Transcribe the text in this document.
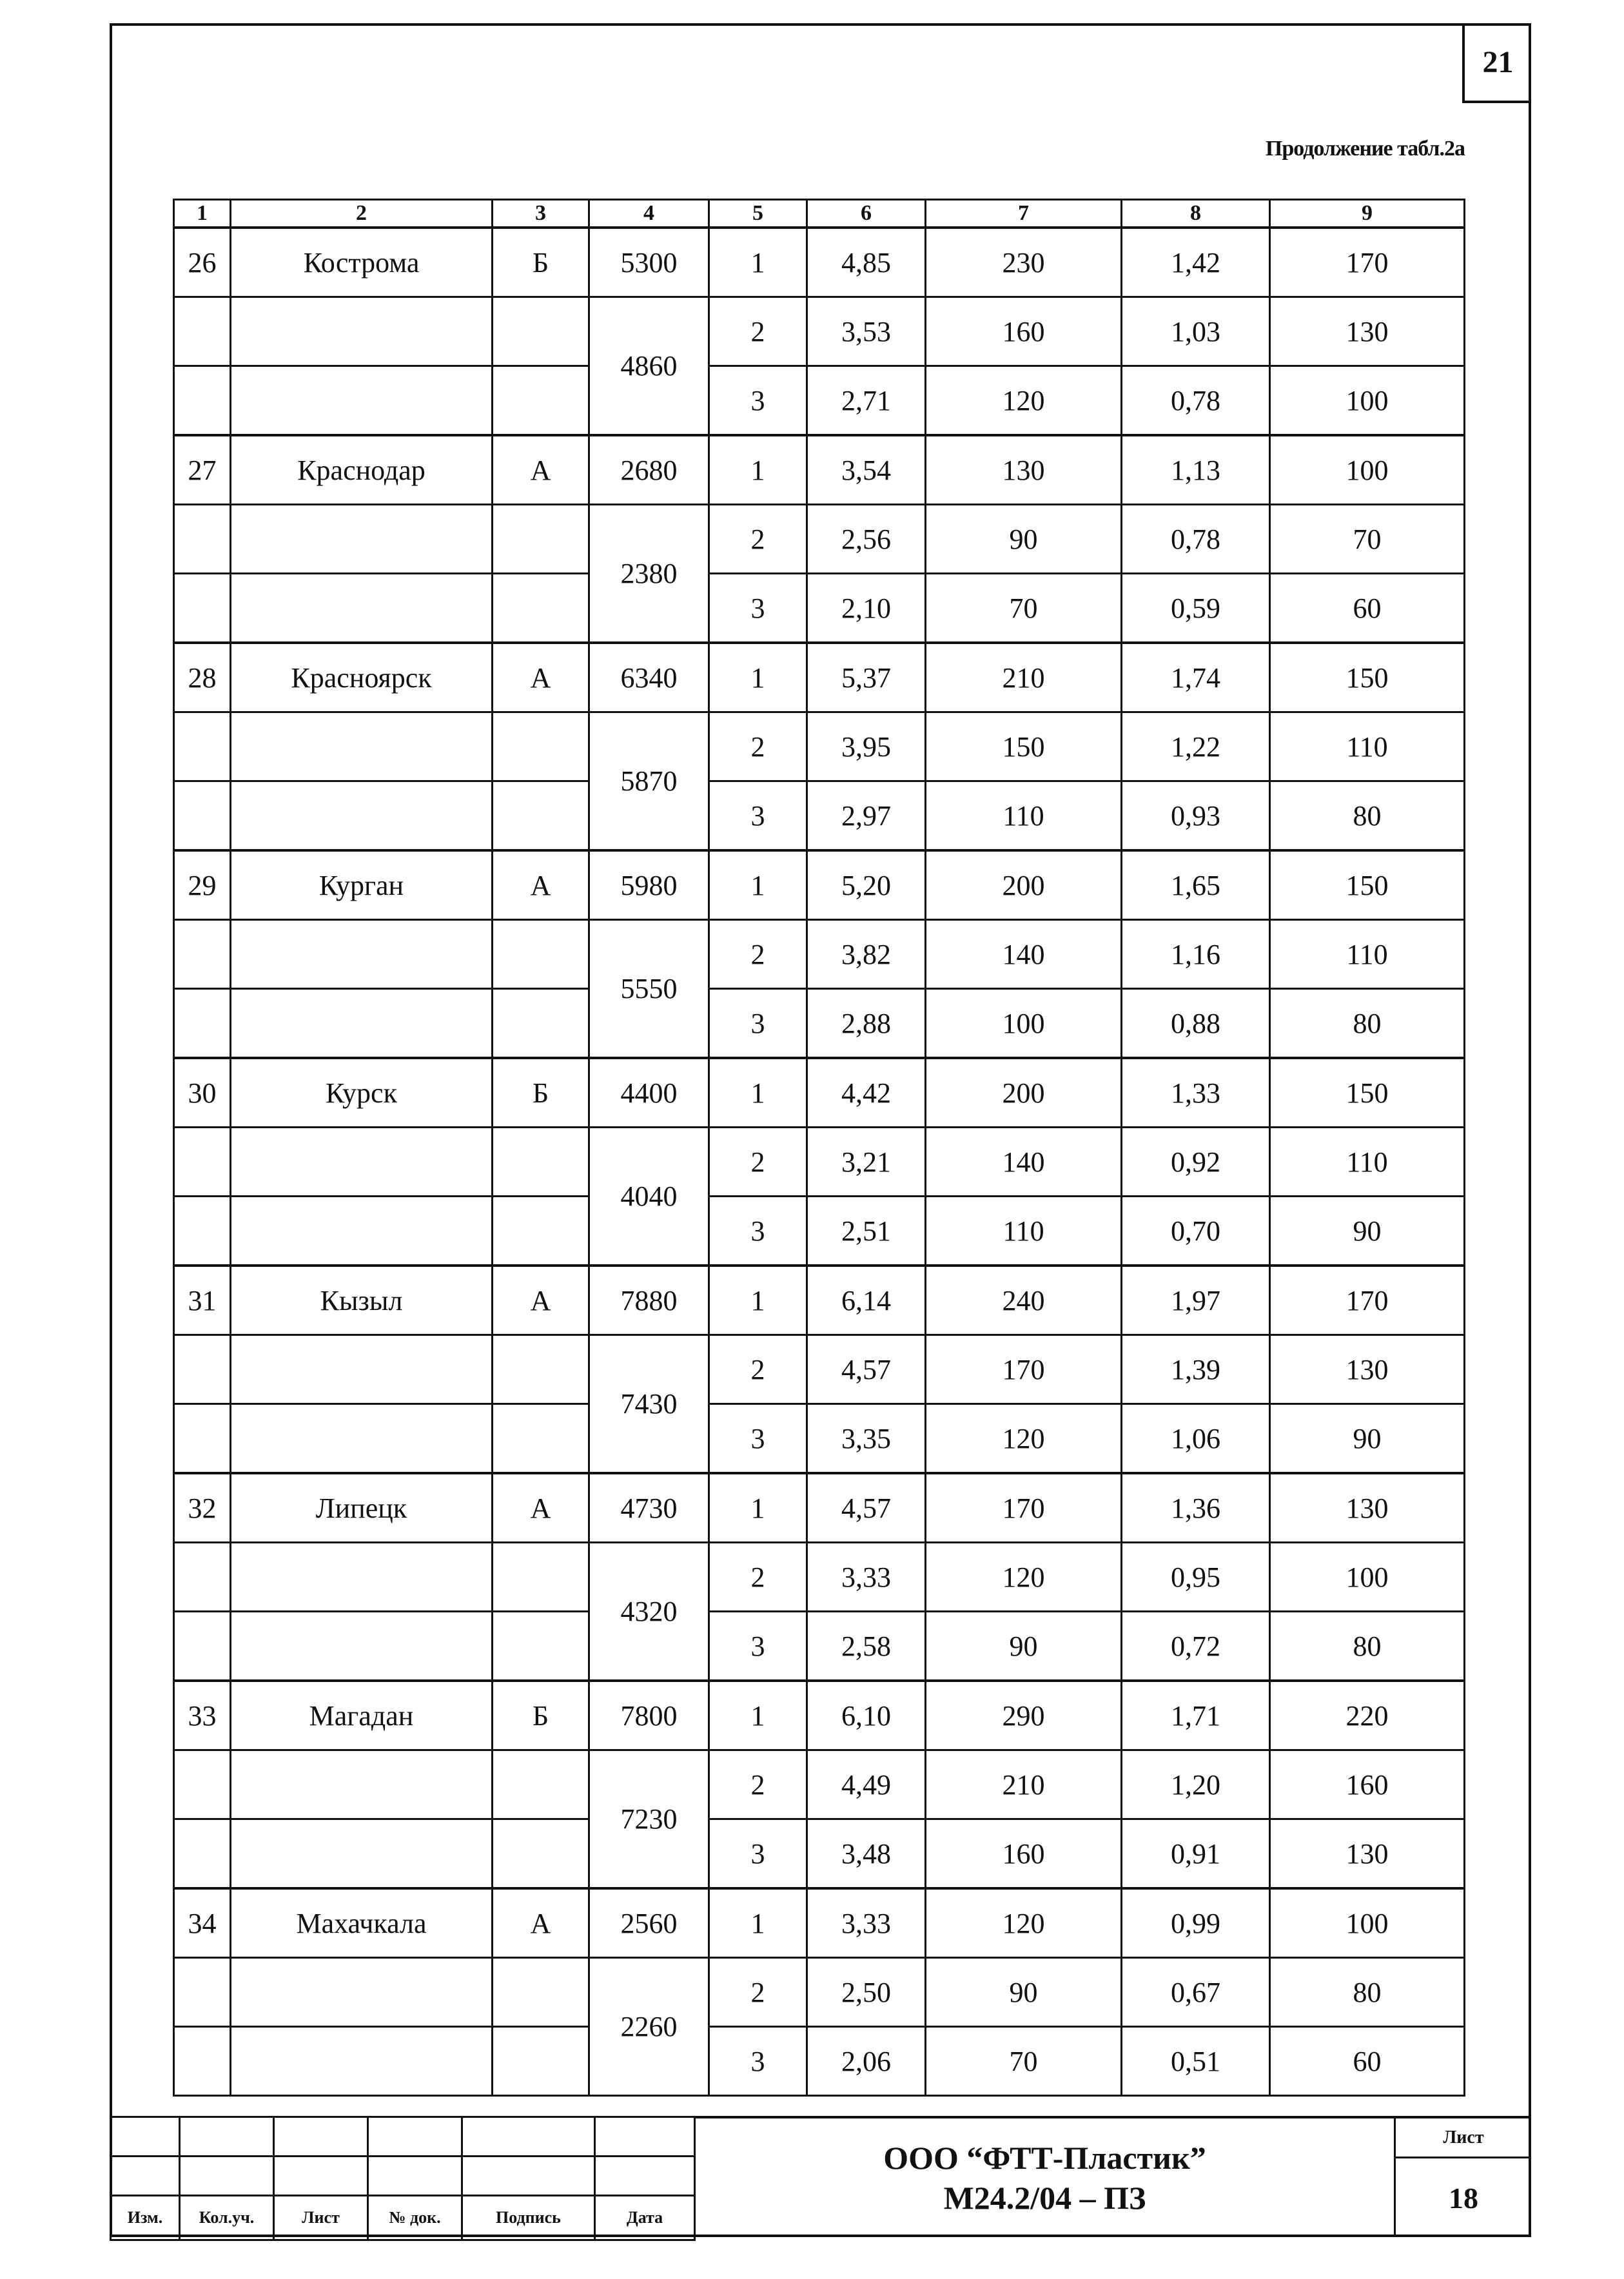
21
Продолжение табл.2а
1	2	3	4	5	6	7	8	9
26	Кострома	Б	5300	1	4,85	230	1,42	170
			4860	2	3,53	160	1,03	130
				3	2,71	120	0,78	100
27	Краснодар	А	2680	1	3,54	130	1,13	100
			2380	2	2,56	90	0,78	70
				3	2,10	70	0,59	60
28	Красноярск	А	6340	1	5,37	210	1,74	150
			5870	2	3,95	150	1,22	110
				3	2,97	110	0,93	80
29	Курган	А	5980	1	5,20	200	1,65	150
			5550	2	3,82	140	1,16	110
				3	2,88	100	0,88	80
30	Курск	Б	4400	1	4,42	200	1,33	150
			4040	2	3,21	140	0,92	110
				3	2,51	110	0,70	90
31	Кызыл	А	7880	1	6,14	240	1,97	170
			7430	2	4,57	170	1,39	130
				3	3,35	120	1,06	90
32	Липецк	А	4730	1	4,57	170	1,36	130
			4320	2	3,33	120	0,95	100
				3	2,58	90	0,72	80
33	Магадан	Б	7800	1	6,10	290	1,71	220
			7230	2	4,49	210	1,20	160
				3	3,48	160	0,91	130
34	Махачкала	А	2560	1	3,33	120	0,99	100
			2260	2	2,50	90	0,67	80
				3	2,06	70	0,51	60

Изм.	Кол.уч.	Лист	№ док.	Подпись	Дата
ООО “ФТТ-Пластик”
М24.2/04 – ПЗ
Лист
18
